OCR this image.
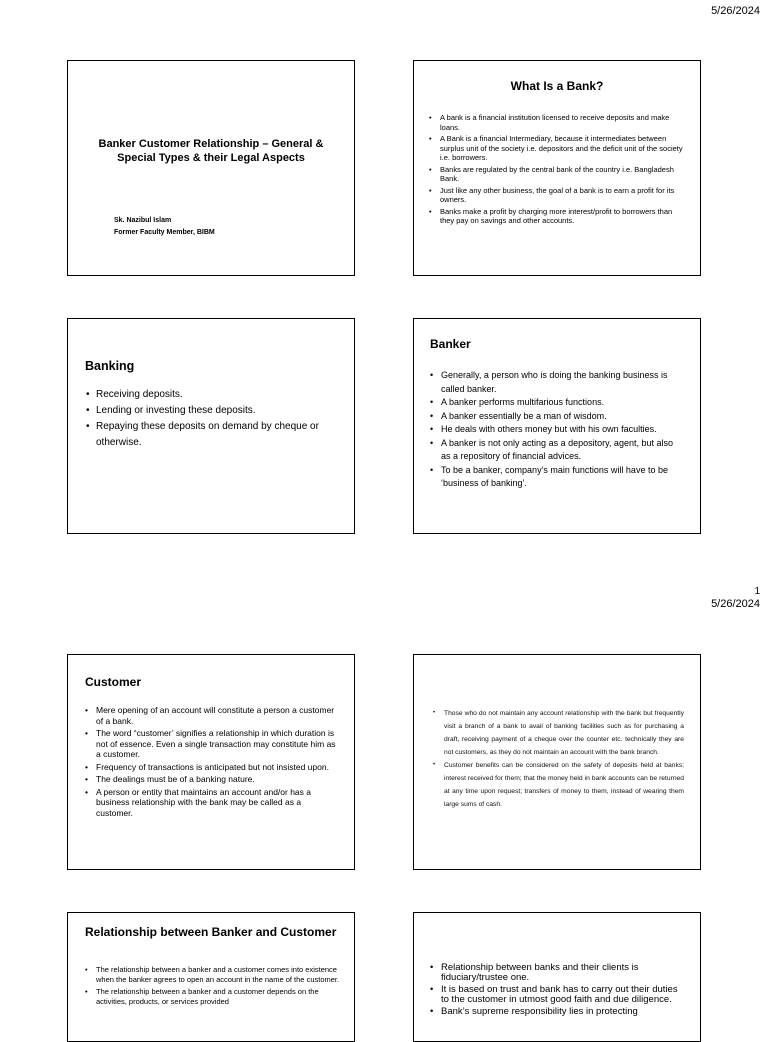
5/26/2024
Banker Customer Relationship – General & Special Types & their Legal Aspects
Sk. Nazibul Islam
Former Faculty Member, BIBM
What Is a Bank?
• A bank is a financial institution licensed to receive deposits and make loans.
• A Bank is a financial Intermediary, because it intermediates between surplus unit of the society i.e. depositors and the deficit unit of the society i.e. borrowers.
• Banks are regulated by the central bank of the country i.e. Bangladesh Bank.
• Just like any other business, the goal of a bank is to earn a profit for its owners.
• Banks make a profit by charging more interest/profit to borrowers than they pay on savings and other accounts.
Banking
• Receiving deposits.
• Lending or investing these deposits.
• Repaying these deposits on demand by cheque or otherwise.
Banker
• Generally, a person who is doing the banking business is called banker.
• A banker performs multifarious functions.
• A banker essentially be a man of wisdom.
• He deals with others money but with his own faculties.
• A banker is not only acting as a depository, agent, but also as a repository of financial advices.
• To be a banker, company’s main functions will have to be ‘business of banking’.
1
5/26/2024
Customer
• Mere opening of an account will constitute a person a customer of a bank.
• The word “customer’ signifies a relationship in which duration is not of essence. Even a single transaction may constitute him as a customer.
• Frequency of transactions is anticipated but not insisted upon.
• The dealings must be of a banking nature.
• A person or entity that maintains an account and/or has a business relationship with the bank may be called as a customer.
• Those who do not maintain any account relationship with the bank but frequently visit a branch of a bank to avail of banking facilities such as for purchasing a draft, receiving payment of a cheque over the counter etc. technically they are not customers, as they do not maintain an account with the bank branch.
• Customer benefits can be considered on the safety of deposits held at banks; interest received for them; that the money held in bank accounts can be returned at any time upon request; transfers of money to them, instead of wearing them large sums of cash.
Relationship between Banker and Customer
• The relationship between a banker and a customer comes into existence when the banker agrees to open an account in the name of the customer.
• The relationship between a banker and a customer depends on the activities, products, or services provided
• Relationship between banks and their clients is fiduciary/trustee one.
• It is based on trust and bank has to carry out their duties to the customer in utmost good faith and due diligence.
• Bank’s supreme responsibility lies in protecting
